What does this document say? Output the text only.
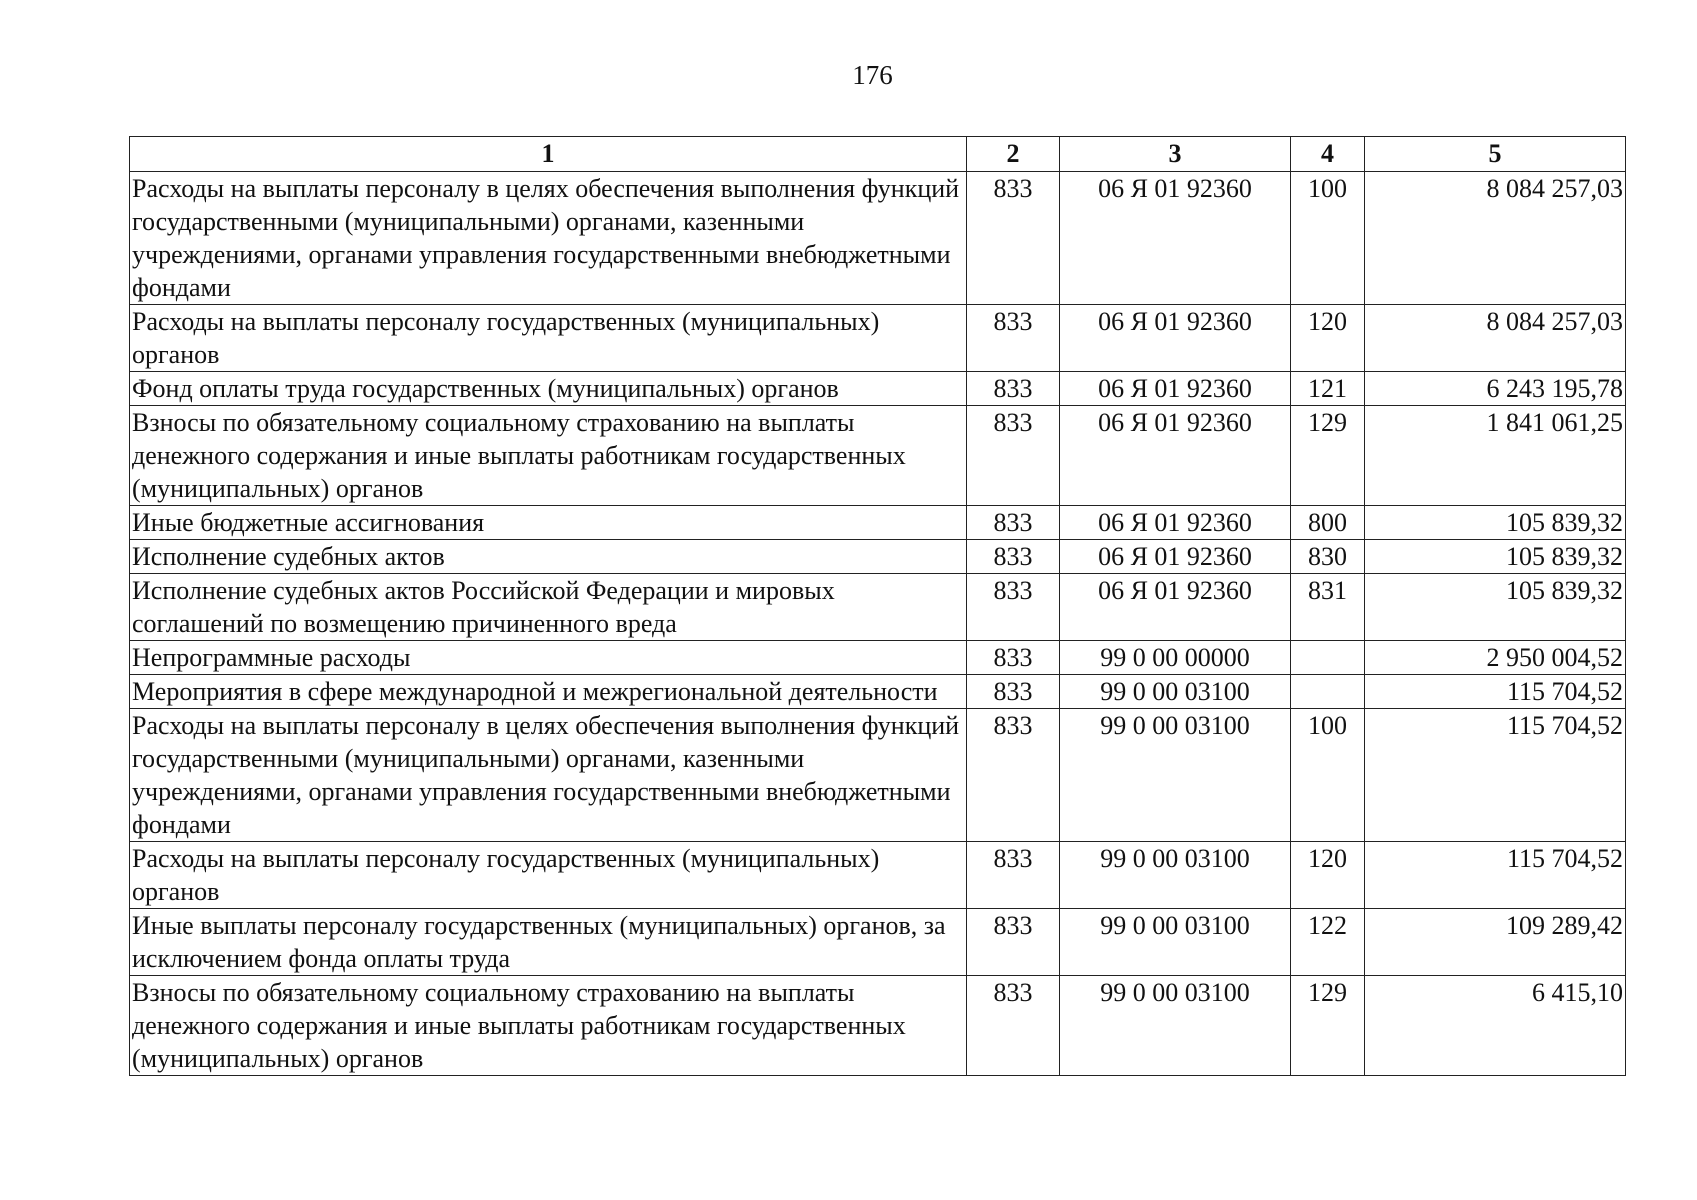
176
1	2	3	4	5
Расходы на выплаты персоналу в целях обеспечения выполнения функций государственными (муниципальными) органами, казенными учреждениями, органами управления государственными внебюджетными фондами	833	06 Я 01 92360	100	8 084 257,03
Расходы на выплаты персоналу государственных (муниципальных) органов	833	06 Я 01 92360	120	8 084 257,03
Фонд оплаты труда государственных (муниципальных) органов	833	06 Я 01 92360	121	6 243 195,78
Взносы по обязательному социальному страхованию на выплаты денежного содержания и иные выплаты работникам государственных (муниципальных) органов	833	06 Я 01 92360	129	1 841 061,25
Иные бюджетные ассигнования	833	06 Я 01 92360	800	105 839,32
Исполнение судебных актов	833	06 Я 01 92360	830	105 839,32
Исполнение судебных актов Российской Федерации и мировых соглашений по возмещению причиненного вреда	833	06 Я 01 92360	831	105 839,32
Непрограммные расходы	833	99 0 00 00000		2 950 004,52
Мероприятия в сфере международной и межрегиональной деятельности	833	99 0 00 03100		115 704,52
Расходы на выплаты персоналу в целях обеспечения выполнения функций государственными (муниципальными) органами, казенными учреждениями, органами управления государственными внебюджетными фондами	833	99 0 00 03100	100	115 704,52
Расходы на выплаты персоналу государственных (муниципальных) органов	833	99 0 00 03100	120	115 704,52
Иные выплаты персоналу государственных (муниципальных) органов, за исключением фонда оплаты труда	833	99 0 00 03100	122	109 289,42
Взносы по обязательному социальному страхованию на выплаты денежного содержания и иные выплаты работникам государственных (муниципальных) органов	833	99 0 00 03100	129	6 415,10
